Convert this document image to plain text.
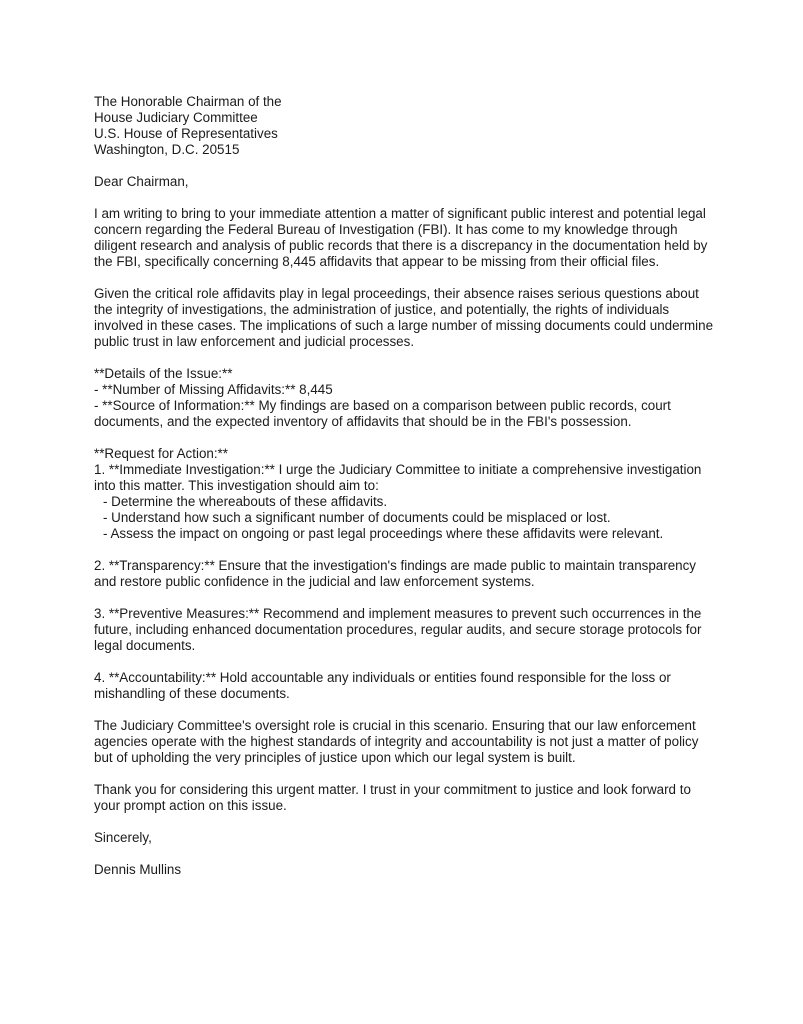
The Honorable Chairman of the
House Judiciary Committee
U.S. House of Representatives
Washington, D.C. 20515

Dear Chairman,

I am writing to bring to your immediate attention a matter of significant public interest and potential legal concern regarding the Federal Bureau of Investigation (FBI). It has come to my knowledge through diligent research and analysis of public records that there is a discrepancy in the documentation held by the FBI, specifically concerning 8,445 affidavits that appear to be missing from their official files.

Given the critical role affidavits play in legal proceedings, their absence raises serious questions about the integrity of investigations, the administration of justice, and potentially, the rights of individuals involved in these cases. The implications of such a large number of missing documents could undermine public trust in law enforcement and judicial processes.

**Details of the Issue:**
- **Number of Missing Affidavits:** 8,445
- **Source of Information:** My findings are based on a comparison between public records, court documents, and the expected inventory of affidavits that should be in the FBI's possession.
**Request for Action:**
1. **Immediate Investigation:** I urge the Judiciary Committee to initiate a comprehensive investigation into this matter. This investigation should aim to:
- Determine the whereabouts of these affidavits.
- Understand how such a significant number of documents could be misplaced or lost.
- Assess the impact on ongoing or past legal proceedings where these affidavits were relevant.

2. **Transparency:** Ensure that the investigation's findings are made public to maintain transparency and restore public confidence in the judicial and law enforcement systems.

3. **Preventive Measures:** Recommend and implement measures to prevent such occurrences in the future, including enhanced documentation procedures, regular audits, and secure storage protocols for legal documents.

4. **Accountability:** Hold accountable any individuals or entities found responsible for the loss or mishandling of these documents.

The Judiciary Committee's oversight role is crucial in this scenario. Ensuring that our law enforcement agencies operate with the highest standards of integrity and accountability is not just a matter of policy but of upholding the very principles of justice upon which our legal system is built.

Thank you for considering this urgent matter. I trust in your commitment to justice and look forward to your prompt action on this issue.

Sincerely,

Dennis Mullins
